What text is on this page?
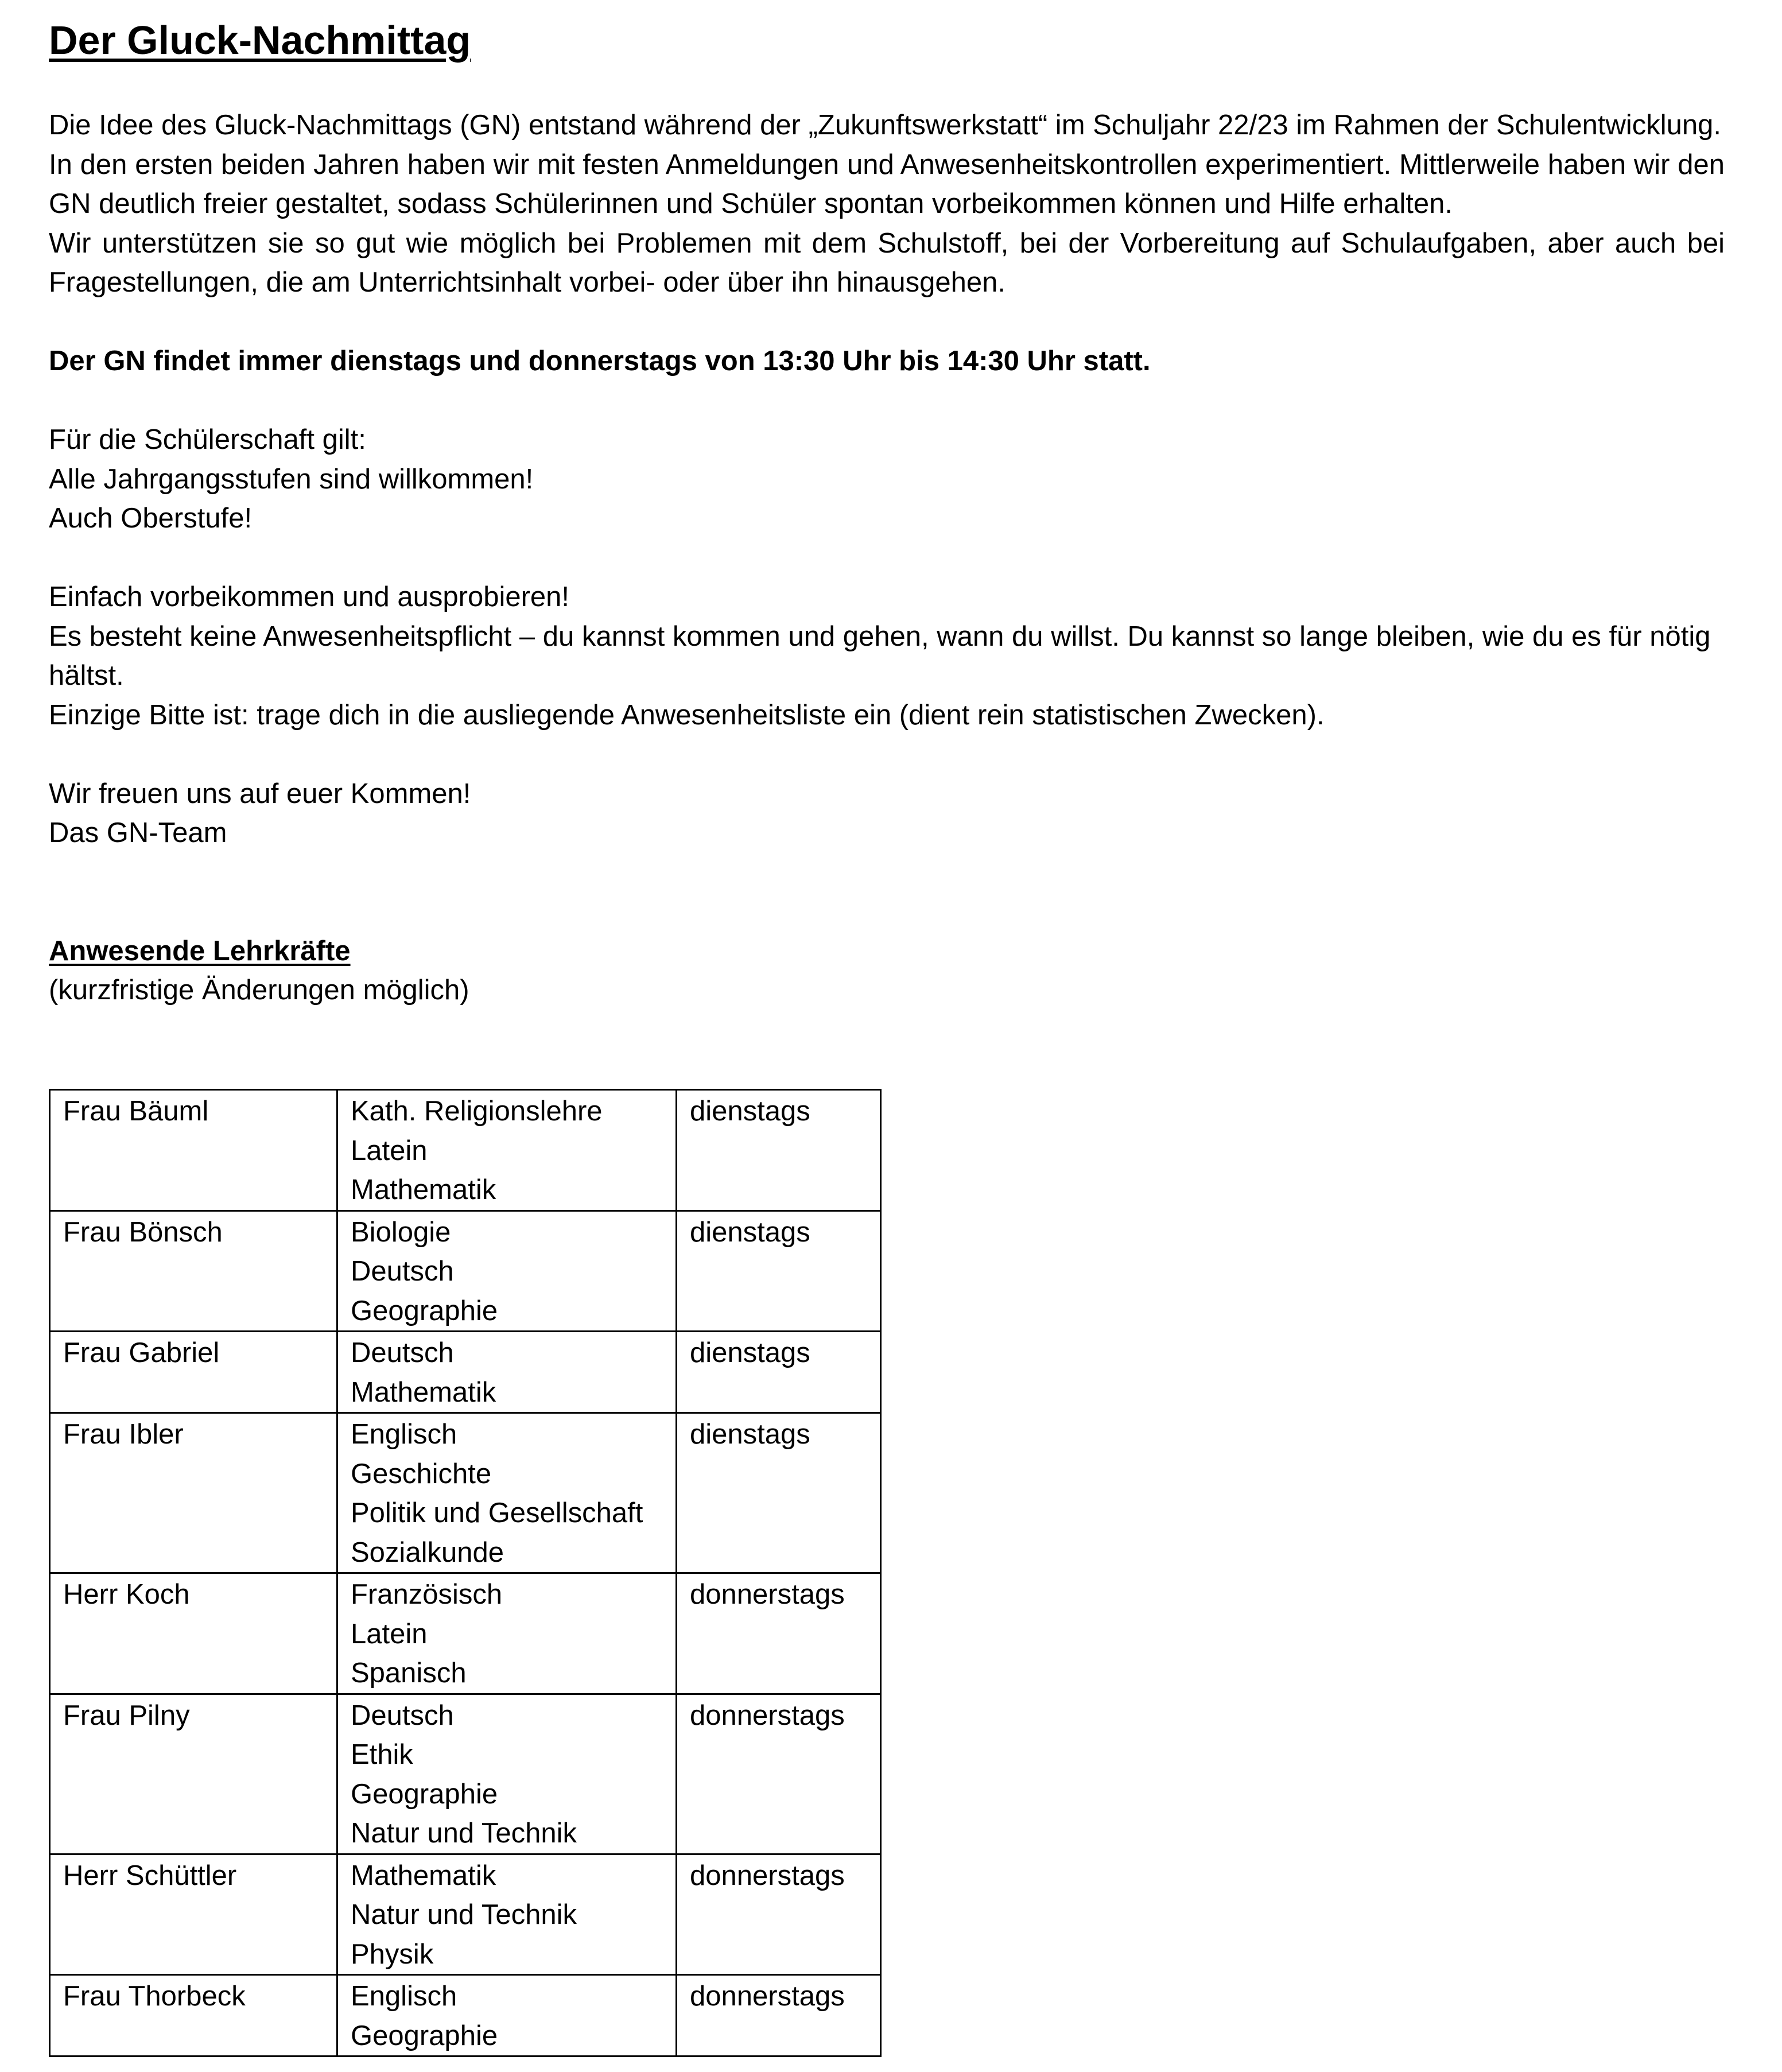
Der Gluck-Nachmittag

Die Idee des Gluck-Nachmittags (GN) entstand während der „Zukunftswerkstatt“ im Schuljahr 22/23 im Rahmen der Schulentwicklung.

In den ersten beiden Jahren haben wir mit festen Anmeldungen und Anwesenheitskontrollen experimentiert. Mittlerweile haben wir den GN deutlich freier gestaltet, sodass Schülerinnen und Schüler spontan vorbeikommen können und Hilfe erhalten.

Wir unterstützen sie so gut wie möglich bei Problemen mit dem Schulstoff, bei der Vorbereitung auf Schulaufgaben, aber auch bei Fragestellungen, die am Unterrichtsinhalt vorbei- oder über ihn hinausgehen.

Der GN findet immer dienstags und donnerstags von 13:30 Uhr bis 14:30 Uhr statt.

Für die Schülerschaft gilt:

Alle Jahrgangsstufen sind willkommen!

Auch Oberstufe!

Einfach vorbeikommen und ausprobieren!

Es besteht keine Anwesenheitspflicht – du kannst kommen und gehen, wann du willst. Du kannst so lange bleiben, wie du es für nötig hältst.

Einzige Bitte ist: trage dich in die ausliegende Anwesenheitsliste ein (dient rein statistischen Zwecken).

Wir freuen uns auf euer Kommen!

Das GN-Team

Anwesende Lehrkräfte

(kurzfristige Änderungen möglich)

Frau Bäuml	Kath. Religionslehre
Latein
Mathematik	dienstags
Frau Bönsch	Biologie
Deutsch
Geographie	dienstags
Frau Gabriel	Deutsch
Mathematik	dienstags
Frau Ibler	Englisch
Geschichte
Politik und Gesellschaft
Sozialkunde	dienstags
Herr Koch	Französisch
Latein
Spanisch	donnerstags
Frau Pilny	Deutsch
Ethik
Geographie
Natur und Technik	donnerstags
Herr Schüttler	Mathematik
Natur und Technik
Physik	donnerstags
Frau Thorbeck	Englisch
Geographie	donnerstags
